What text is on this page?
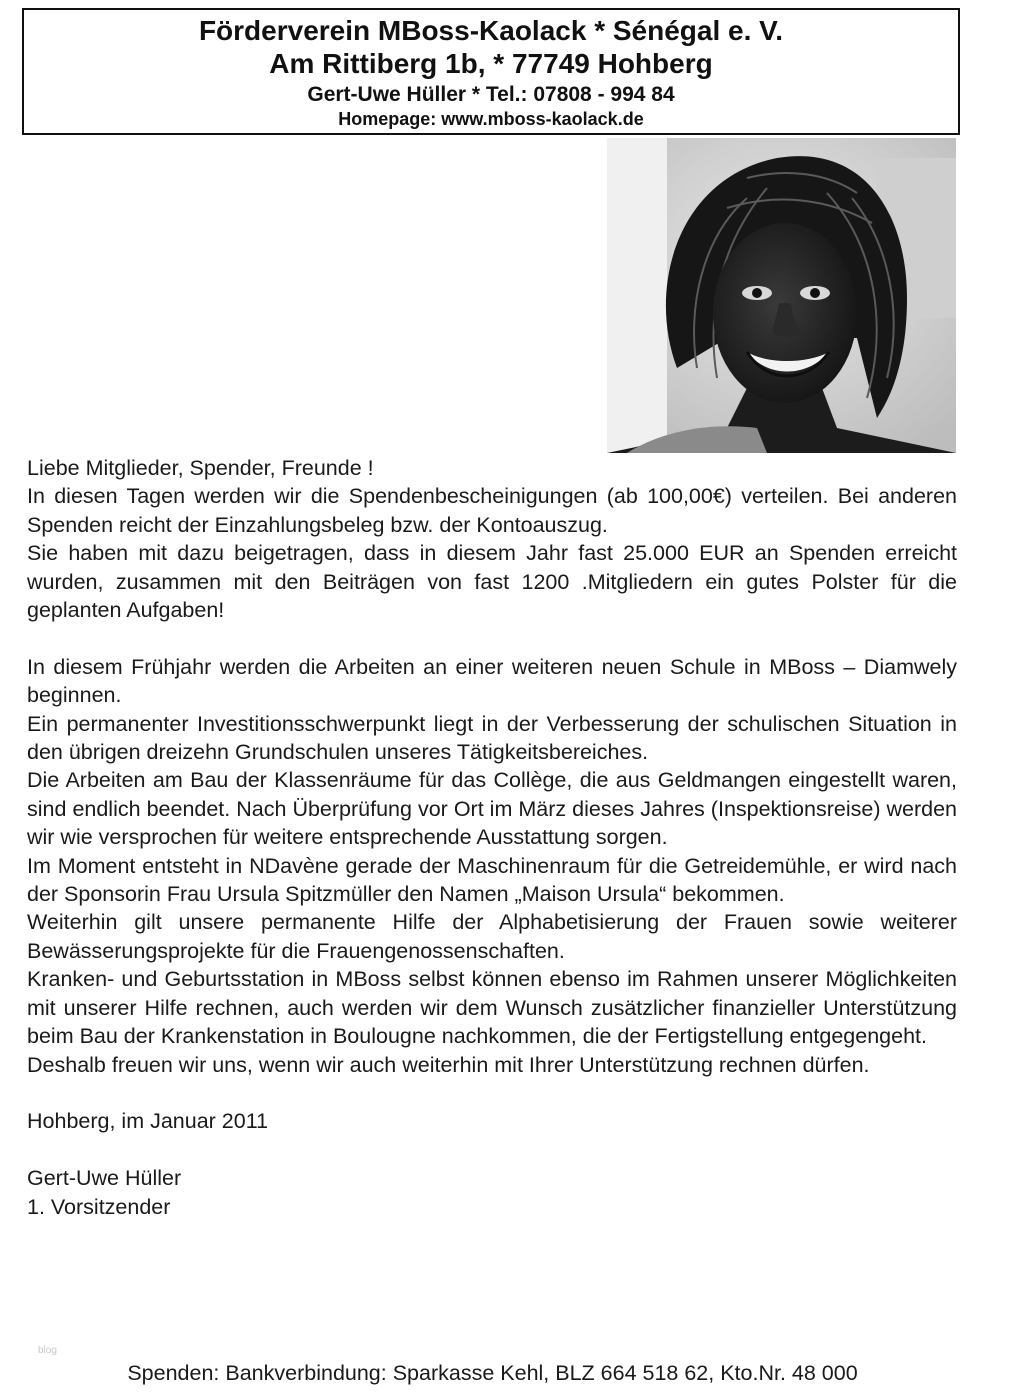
Förderverein MBoss-Kaolack * Sénégal e. V.
Am Rittiberg 1b, * 77749 Hohberg
Gert-Uwe Hüller * Tel.: 07808 - 994 84
Homepage: www.mboss-kaolack.de

Liebe Mitglieder, Spender, Freunde !

In diesen Tagen werden wir die Spendenbescheinigungen (ab 100,00€) verteilen. Bei anderen Spenden reicht der Einzahlungsbeleg bzw. der Kontoauszug.

Sie haben mit dazu beigetragen, dass in diesem Jahr fast 25.000 EUR an Spenden erreicht wurden, zusammen mit den Beiträgen von fast 1200 .Mitgliedern ein gutes Polster für die geplanten Aufgaben!

In diesem Frühjahr werden die Arbeiten an einer weiteren neuen Schule in MBoss – Diamwely beginnen.

Ein permanenter Investitionsschwerpunkt liegt in der Verbesserung der schulischen Situation in den übrigen dreizehn Grundschulen unseres Tätigkeitsbereiches.

Die Arbeiten am Bau der Klassenräume für das Collège, die aus Geldmangen eingestellt waren, sind endlich beendet. Nach Überprüfung vor Ort im März dieses Jahres (Inspektionsreise) werden wir wie versprochen für weitere entsprechende Ausstattung sorgen.

Im Moment entsteht in NDavène gerade der Maschinenraum für die Getreidemühle, er wird nach der Sponsorin Frau Ursula Spitzmüller den Namen „Maison Ursula“ bekommen.

Weiterhin gilt unsere permanente Hilfe der Alphabetisierung der Frauen sowie weiterer Bewässerungsprojekte für die Frauengenossenschaften.

Kranken- und Geburtsstation in MBoss selbst können ebenso im Rahmen unserer Möglichkeiten mit unserer Hilfe rechnen, auch werden wir dem Wunsch zusätzlicher finanzieller Unterstützung beim Bau der Krankenstation in Boulougne nachkommen, die der Fertigstellung entgegengeht.

Deshalb freuen wir uns, wenn wir auch weiterhin mit Ihrer Unterstützung rechnen dürfen.

Hohberg, im Januar 2011

Gert-Uwe Hüller

1. Vorsitzender

blog
Spenden: Bankverbindung: Sparkasse Kehl, BLZ 664 518 62, Kto.Nr. 48 000
